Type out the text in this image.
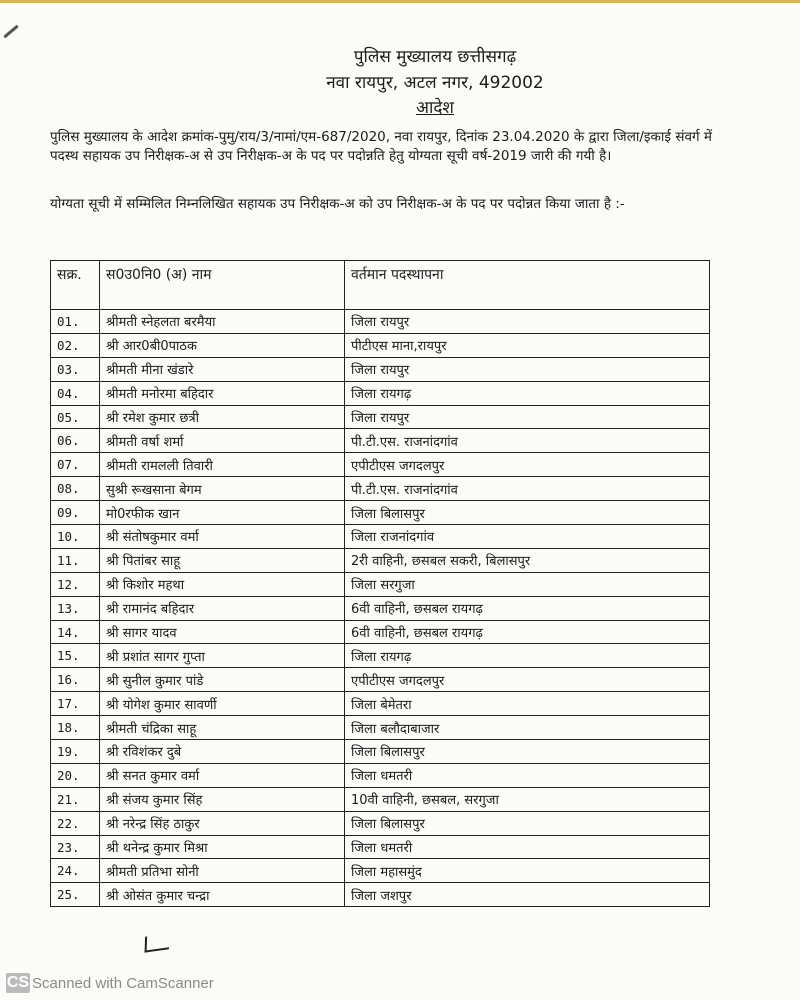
पुलिस मुख्यालय छत्तीसगढ़
नवा रायपुर, अटल नगर, 492002
आदेश
पुलिस मुख्यालय के आदेश क्रमांक-पुमु/राय/3/नामां/एम-687/2020, नवा रायपुर, दिनांक 23.04.2020 के द्वारा जिला/इकाई संवर्ग में पदस्थ सहायक उप निरीक्षक-अ से उप निरीक्षक-अ के पद पर पदोन्नति हेतु योग्यता सूची वर्ष-2019 जारी की गयी है।
योग्यता सूची में सम्मिलित निम्नलिखित सहायक उप निरीक्षक-अ को उप निरीक्षक-अ के पद पर पदोन्नत किया जाता है :-
सक्र.	स0उ0नि0 (अ) नाम	वर्तमान पदस्थापना
01.	श्रीमती स्नेहलता बरमैया	जिला रायपुर
02.	श्री आर0बी0पाठक	पीटीएस माना,रायपुर
03.	श्रीमती मीना खंडारे	जिला रायपुर
04.	श्रीमती मनोरमा बहिदार	जिला रायगढ़
05.	श्री रमेश कुमार छत्री	जिला रायपुर
06.	श्रीमती वर्षा शर्मा	पी.टी.एस. राजनांदगांव
07.	श्रीमती रामलली तिवारी	एपीटीएस जगदलपुर
08.	सुश्री रूखसाना बेगम	पी.टी.एस. राजनांदगांव
09.	मो0रफीक खान	जिला बिलासपुर
10.	श्री संतोषकुमार वर्मा	जिला राजनांदगांव
11.	श्री पितांबर साहू	2री वाहिनी, छसबल सकरी, बिलासपुर
12.	श्री किशोर महथा	जिला सरगुजा
13.	श्री रामानंद बहिदार	6वी वाहिनी, छसबल रायगढ़
14.	श्री सागर यादव	6वी वाहिनी, छसबल रायगढ़
15.	श्री प्रशांत सागर गुप्ता	जिला रायगढ़
16.	श्री सुनील कुमार पांडे	एपीटीएस जगदलपुर
17.	श्री योगेश कुमार सावर्णी	जिला बेमेतरा
18.	श्रीमती चंद्रिका साहू	जिला बलौदाबाजार
19.	श्री रविशंकर दुबे	जिला बिलासपुर
20.	श्री सनत कुमार वर्मा	जिला धमतरी
21.	श्री संजय कुमार सिंह	10वी वाहिनी, छसबल, सरगुजा
22.	श्री नरेन्द्र सिंह ठाकुर	जिला बिलासपुर
23.	श्री थनेन्द्र कुमार मिश्रा	जिला धमतरी
24.	श्रीमती प्रतिभा सोनी	जिला महासमुंद
25.	श्री ओसंत कुमार चन्द्रा	जिला जशपुर
CS Scanned with CamScanner
